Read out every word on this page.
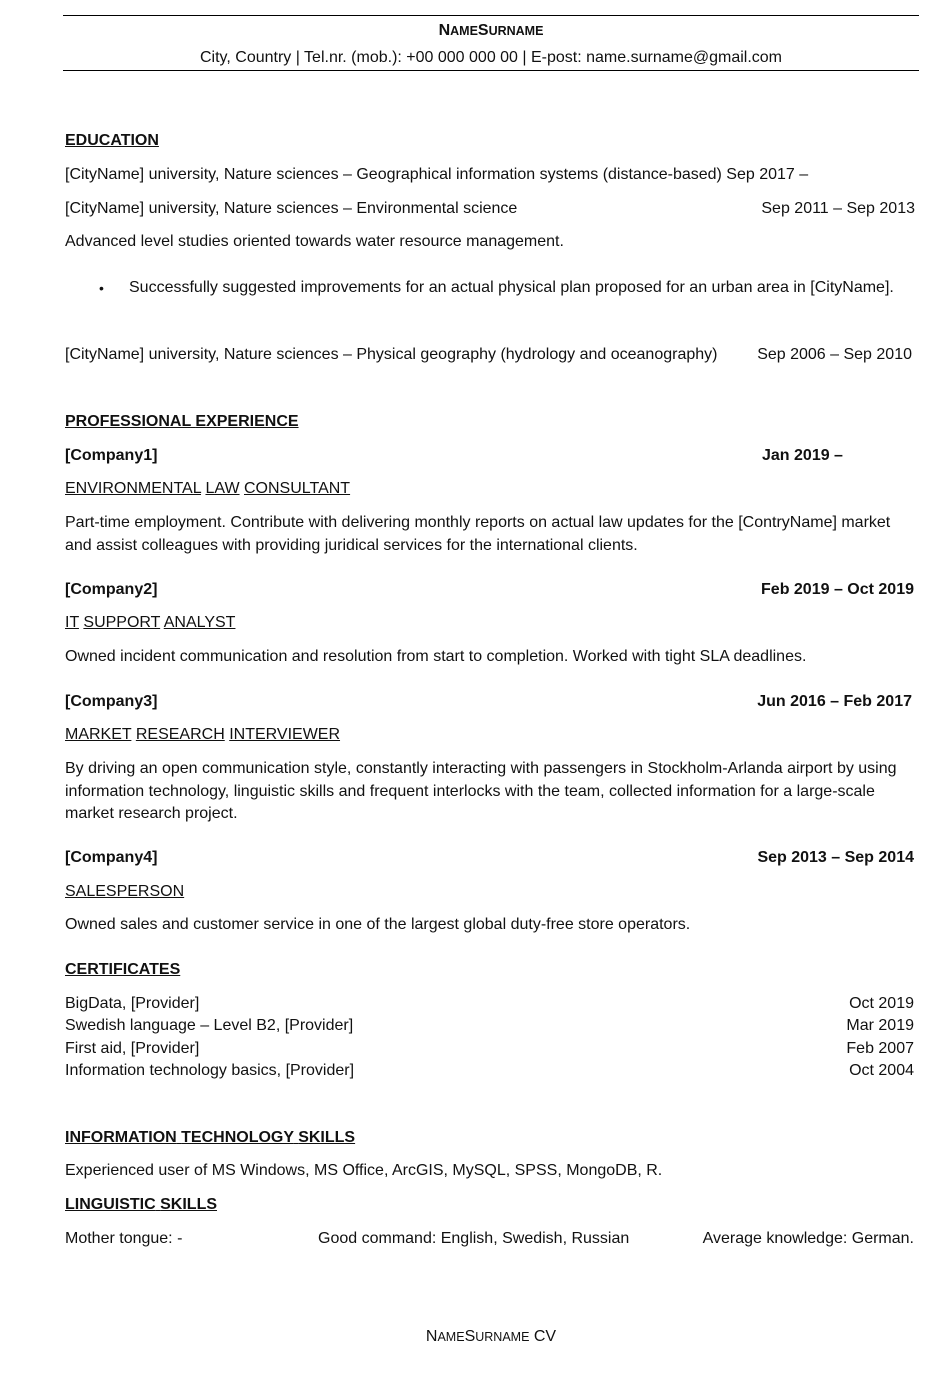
NAMESURNAME
City, Country | Tel.nr. (mob.): +00 000 000 00 | E-post: name.surname@gmail.com
EDUCATION
[CityName] university, Nature sciences – Geographical information systems (distance-based) Sep 2017 –
[CityName] university, Nature sciences – Environmental science	Sep 2011 – Sep 2013
Advanced level studies oriented towards water resource management.
• Successfully suggested improvements for an actual physical plan proposed for an urban area in [CityName].
[CityName] university, Nature sciences – Physical geography (hydrology and oceanography) Sep 2006 – Sep 2010
PROFESSIONAL EXPERIENCE
[Company1]	Jan 2019 –
ENVIRONMENTAL LAW CONSULTANT
Part-time employment. Contribute with delivering monthly reports on actual law updates for the [ContryName] market and assist colleagues with providing juridical services for the international clients.
[Company2]	Feb 2019 – Oct 2019
IT SUPPORT ANALYST
Owned incident communication and resolution from start to completion. Worked with tight SLA deadlines.
[Company3]	Jun 2016 – Feb 2017
MARKET RESEARCH INTERVIEWER
By driving an open communication style, constantly interacting with passengers in Stockholm-Arlanda airport by using information technology, linguistic skills and frequent interlocks with the team, collected information for a large-scale market research project.
[Company4]	Sep 2013 – Sep 2014
SALESPERSON
Owned sales and customer service in one of the largest global duty-free store operators.
CERTIFICATES
BigData, [Provider]	Oct 2019
Swedish language – Level B2, [Provider]	Mar 2019
First aid, [Provider]	Feb 2007
Information technology basics, [Provider]	Oct 2004
INFORMATION TECHNOLOGY SKILLS
Experienced user of MS Windows, MS Office, ArcGIS, MySQL, SPSS, MongoDB, R.
LINGUISTIC SKILLS
Mother tongue: -	Good command: English, Swedish, Russian	Average knowledge: German.
NAMESURNAME CV
